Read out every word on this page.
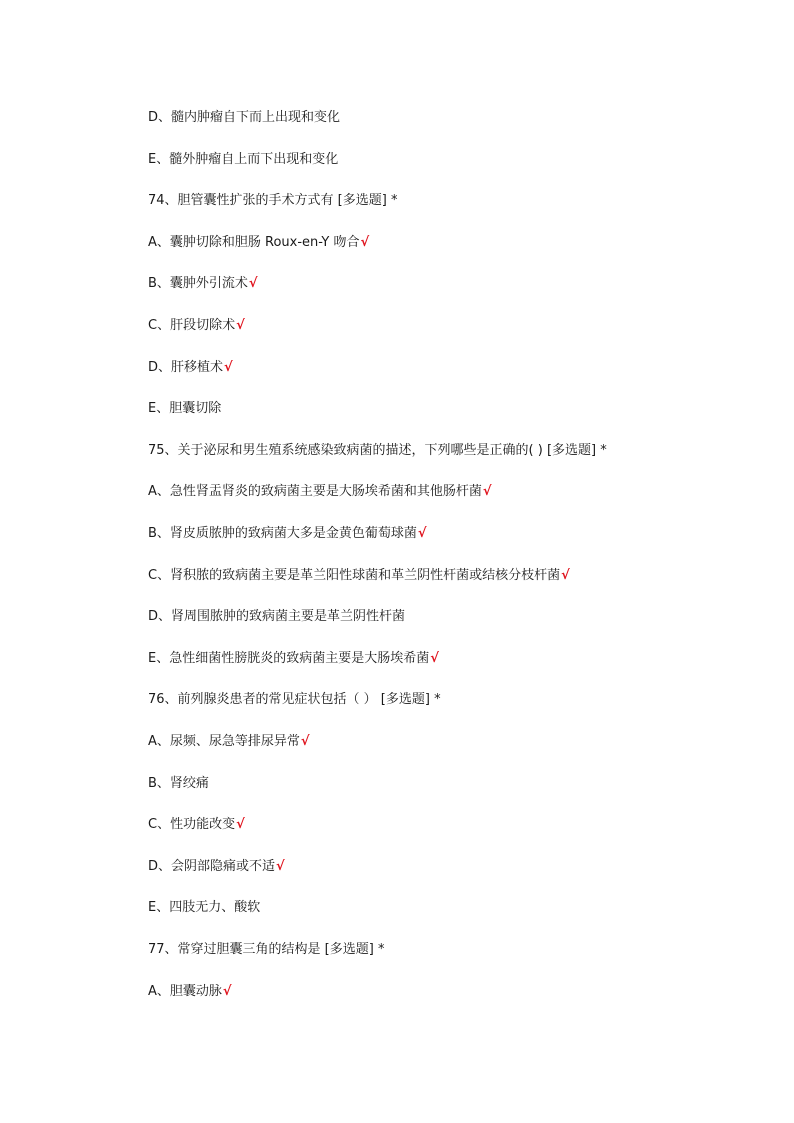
D、髓内肿瘤自下而上出现和变化
E、髓外肿瘤自上而下出现和变化
74、胆管囊性扩张的手术方式有 [多选题] *
A、囊肿切除和胆肠 Roux-en-Y 吻合√
B、囊肿外引流术√
C、肝段切除术√
D、肝移植术√
E、胆囊切除
75、关于泌尿和男生殖系统感染致病菌的描述，下列哪些是正确的( ) [多选题] *
A、急性肾盂肾炎的致病菌主要是大肠埃希菌和其他肠杆菌√
B、肾皮质脓肿的致病菌大多是金黄色葡萄球菌√
C、肾积脓的致病菌主要是革兰阳性球菌和革兰阴性杆菌或结核分枝杆菌√
D、肾周围脓肿的致病菌主要是革兰阴性杆菌
E、急性细菌性膀胱炎的致病菌主要是大肠埃希菌√
76、前列腺炎患者的常见症状包括（ ） [多选题] *
A、尿频、尿急等排尿异常√
B、肾绞痛
C、性功能改变√
D、会阴部隐痛或不适√
E、四肢无力、酸软
77、常穿过胆囊三角的结构是 [多选题] *
A、胆囊动脉√
